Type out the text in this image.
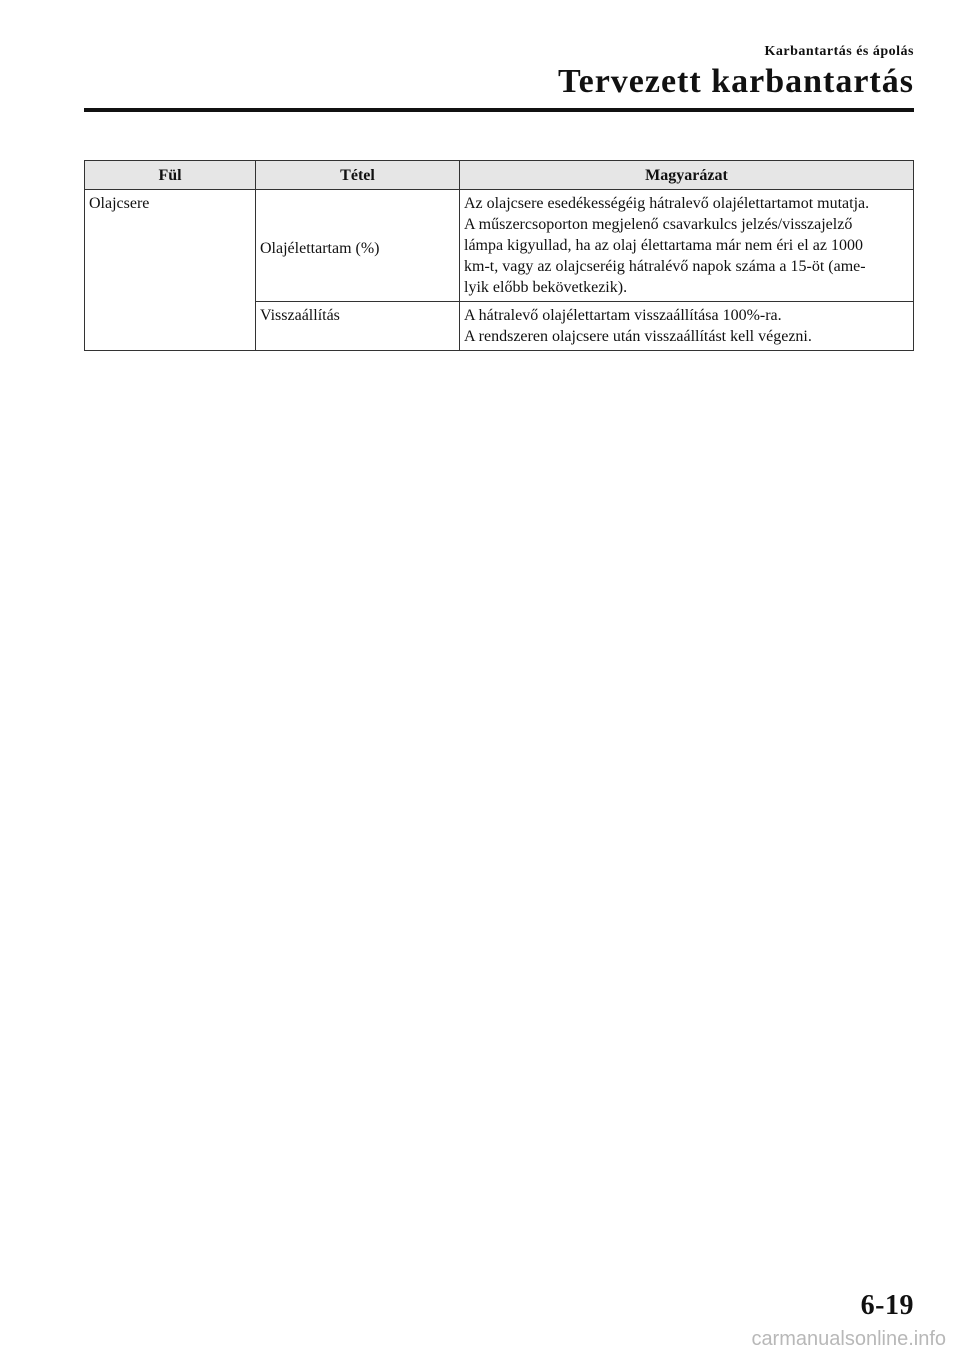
Karbantartás és ápolás
Tervezett karbantartás
Fül	Tétel	Magyarázat
Olajcsere	Olajélettartam (%)	Az olajcsere esedékességéig hátralevő olajélettartamot mutatja.
A műszercsoporton megjelenő csavarkulcs jelzés/visszajelző
lámpa kigyullad, ha az olaj élettartama már nem éri el az 1000
km-t, vagy az olajcseréig hátralévő napok száma a 15-öt (ame-
lyik előbb bekövetkezik).

	Visszaállítás	A hátralevő olajélettartam visszaállítása 100%-ra.
A rendszeren olajcsere után visszaállítást kell végezni.
6-19
carmanualsonline.info
